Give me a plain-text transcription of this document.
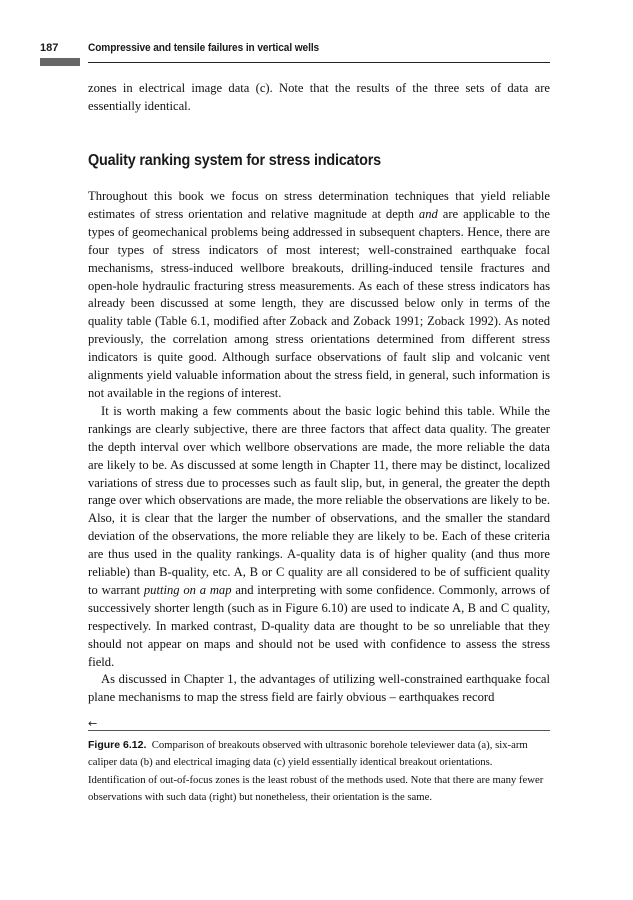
187	Compressive and tensile failures in vertical wells
zones in electrical image data (c). Note that the results of the three sets of data are essentially identical.
Quality ranking system for stress indicators

Throughout this book we focus on stress determination techniques that yield reliable estimates of stress orientation and relative magnitude at depth and are applicable to the types of geomechanical problems being addressed in subsequent chapters. Hence, there are four types of stress indicators of most interest; well-constrained earthquake focal mechanisms, stress-induced wellbore breakouts, drilling-induced tensile fractures and open-hole hydraulic fracturing stress measurements. As each of these stress indicators has already been discussed at some length, they are discussed below only in terms of the quality table (Table 6.1, modified after Zoback and Zoback 1991; Zoback 1992). As noted previously, the correlation among stress orientations determined from different stress indicators is quite good. Although surface observations of fault slip and volcanic vent alignments yield valuable information about the stress field, in general, such information is not available in the regions of interest.

It is worth making a few comments about the basic logic behind this table. While the rankings are clearly subjective, there are three factors that affect data quality. The greater the depth interval over which wellbore observations are made, the more reliable the data are likely to be. As discussed at some length in Chapter 11, there may be distinct, localized variations of stress due to processes such as fault slip, but, in general, the greater the depth range over which observations are made, the more reliable the observations are likely to be. Also, it is clear that the larger the number of observations, and the smaller the standard deviation of the observations, the more reliable they are likely to be. Each of these criteria are thus used in the quality rankings. A-quality data is of higher quality (and thus more reliable) than B-quality, etc. A, B or C quality are all considered to be of sufficient quality to warrant putting on a map and interpreting with some confidence. Commonly, arrows of successively shorter length (such as in Figure 6.10) are used to indicate A, B and C quality, respectively. In marked contrast, D-quality data are thought to be so unreliable that they should not appear on maps and should not be used with confidence to assess the stress field.

As discussed in Chapter 1, the advantages of utilizing well-constrained earthquake focal plane mechanisms to map the stress field are fairly obvious – earthquakes record

←
Figure 6.12. Comparison of breakouts observed with ultrasonic borehole televiewer data (a), six-arm caliper data (b) and electrical imaging data (c) yield essentially identical breakout orientations. Identification of out-of-focus zones is the least robust of the methods used. Note that there are many fewer observations with such data (right) but nonetheless, their orientation is the same.
